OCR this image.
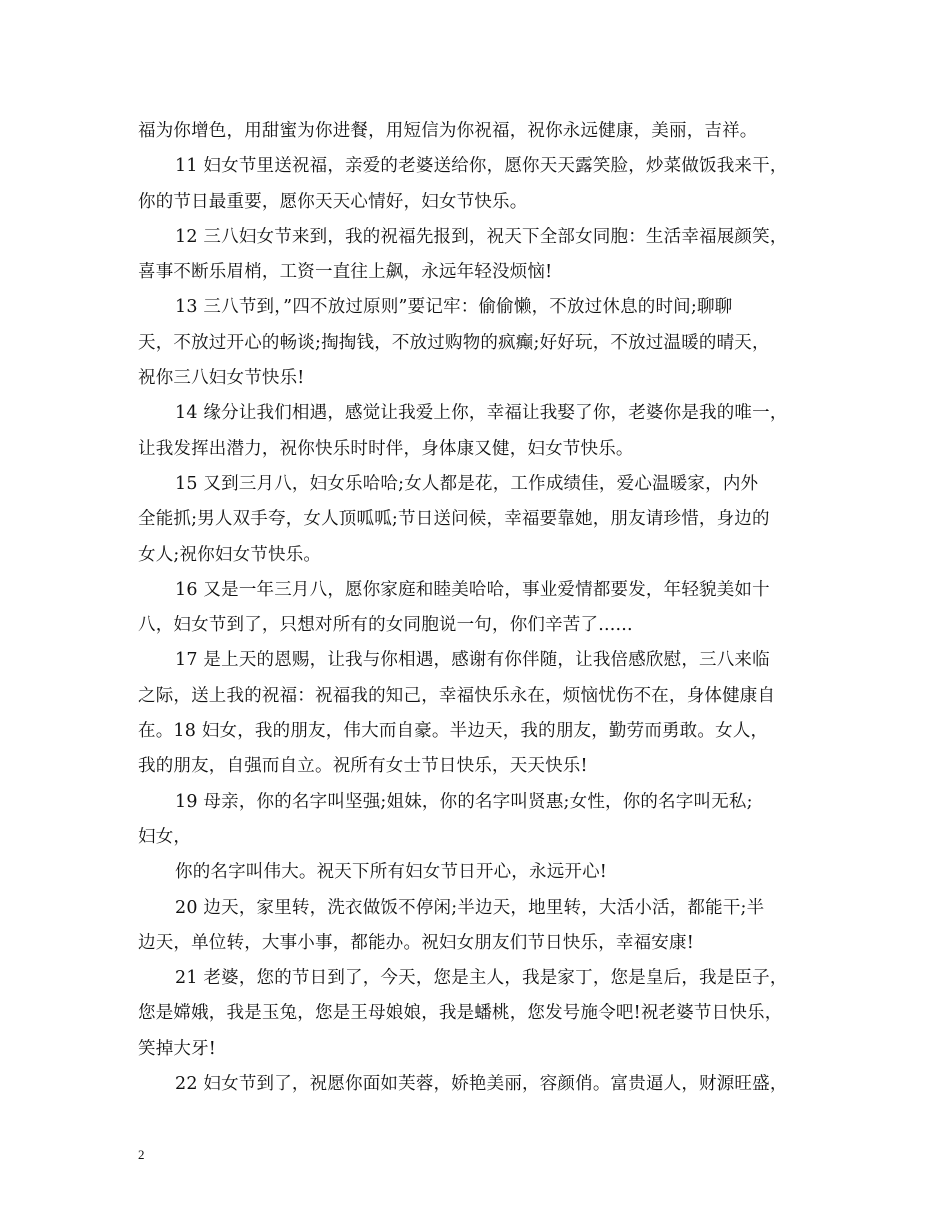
福为你增色，用甜蜜为你进餐，用短信为你祝福，祝你永远健康，美丽，吉祥。
11 妇女节里送祝福，亲爱的老婆送给你，愿你天天露笑脸，炒菜做饭我来干，
你的节日最重要，愿你天天心情好，妇女节快乐。
12 三八妇女节来到，我的祝福先报到，祝天下全部女同胞：生活幸福展颜笑，
喜事不断乐眉梢，工资一直往上飙，永远年轻没烦恼!
13 三八节到，”四不放过原则”要记牢：偷偷懒，不放过休息的时间;聊聊
天，不放过开心的畅谈;掏掏钱，不放过购物的疯癫;好好玩，不放过温暖的晴天，
祝你三八妇女节快乐!
14 缘分让我们相遇，感觉让我爱上你，幸福让我娶了你，老婆你是我的唯一，
让我发挥出潜力，祝你快乐时时伴，身体康又健，妇女节快乐。
15 又到三月八，妇女乐哈哈;女人都是花，工作成绩佳，爱心温暖家，内外
全能抓;男人双手夸，女人顶呱呱;节日送问候，幸福要靠她，朋友请珍惜，身边的
女人;祝你妇女节快乐。
16 又是一年三月八，愿你家庭和睦美哈哈，事业爱情都要发，年轻貌美如十
八，妇女节到了，只想对所有的女同胞说一句，你们辛苦了......
17 是上天的恩赐，让我与你相遇，感谢有你伴随，让我倍感欣慰，三八来临
之际，送上我的祝福：祝福我的知己，幸福快乐永在，烦恼忧伤不在，身体健康自
在。18 妇女，我的朋友，伟大而自豪。半边天，我的朋友，勤劳而勇敢。女人，
我的朋友，自强而自立。祝所有女士节日快乐，天天快乐!
19 母亲，你的名字叫坚强;姐妹，你的名字叫贤惠;女性，你的名字叫无私;
妇女，
你的名字叫伟大。祝天下所有妇女节日开心，永远开心!
20 边天，家里转，洗衣做饭不停闲;半边天，地里转，大活小活，都能干;半
边天，单位转，大事小事，都能办。祝妇女朋友们节日快乐，幸福安康!
21 老婆，您的节日到了，今天，您是主人，我是家丁，您是皇后，我是臣子，
您是嫦娥，我是玉兔，您是王母娘娘，我是蟠桃，您发号施令吧!祝老婆节日快乐，
笑掉大牙!
22 妇女节到了，祝愿你面如芙蓉，娇艳美丽，容颜俏。富贵逼人，财源旺盛，
2
